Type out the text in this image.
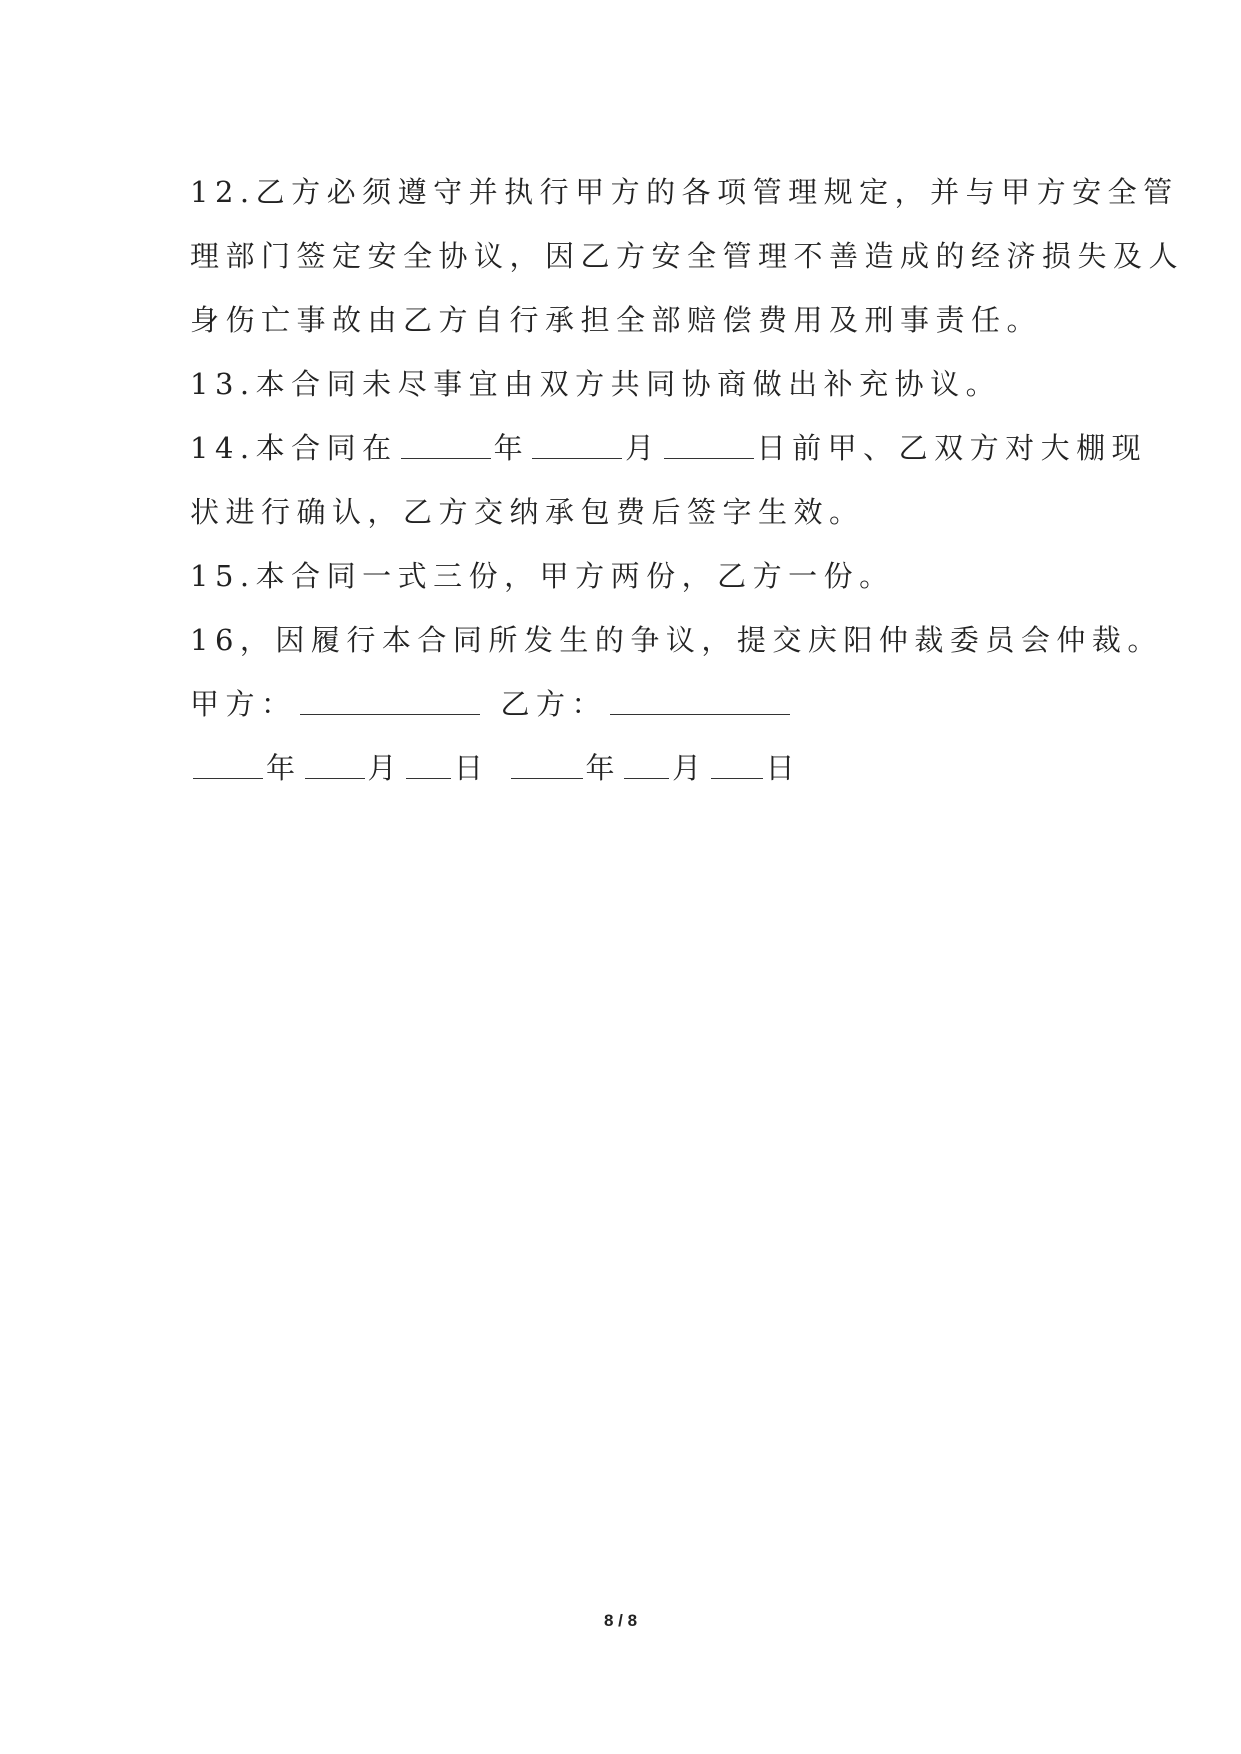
12.乙方必须遵守并执行甲方的各项管理规定，并与甲方安全管
理部门签定安全协议，因乙方安全管理不善造成的经济损失及人
身伤亡事故由乙方自行承担全部赔偿费用及刑事责任。
13.本合同未尽事宜由双方共同协商做出补充协议。
14.本合同在	年	月	日前甲、乙双方对大棚现
状进行确认，乙方交纳承包费后签字生效。
15.本合同一式三份，甲方两份，乙方一份。
16，因履行本合同所发生的争议，提交庆阳仲裁委员会仲裁。
甲方：	乙方：
年 月 日	年 月 日
8 / 8
